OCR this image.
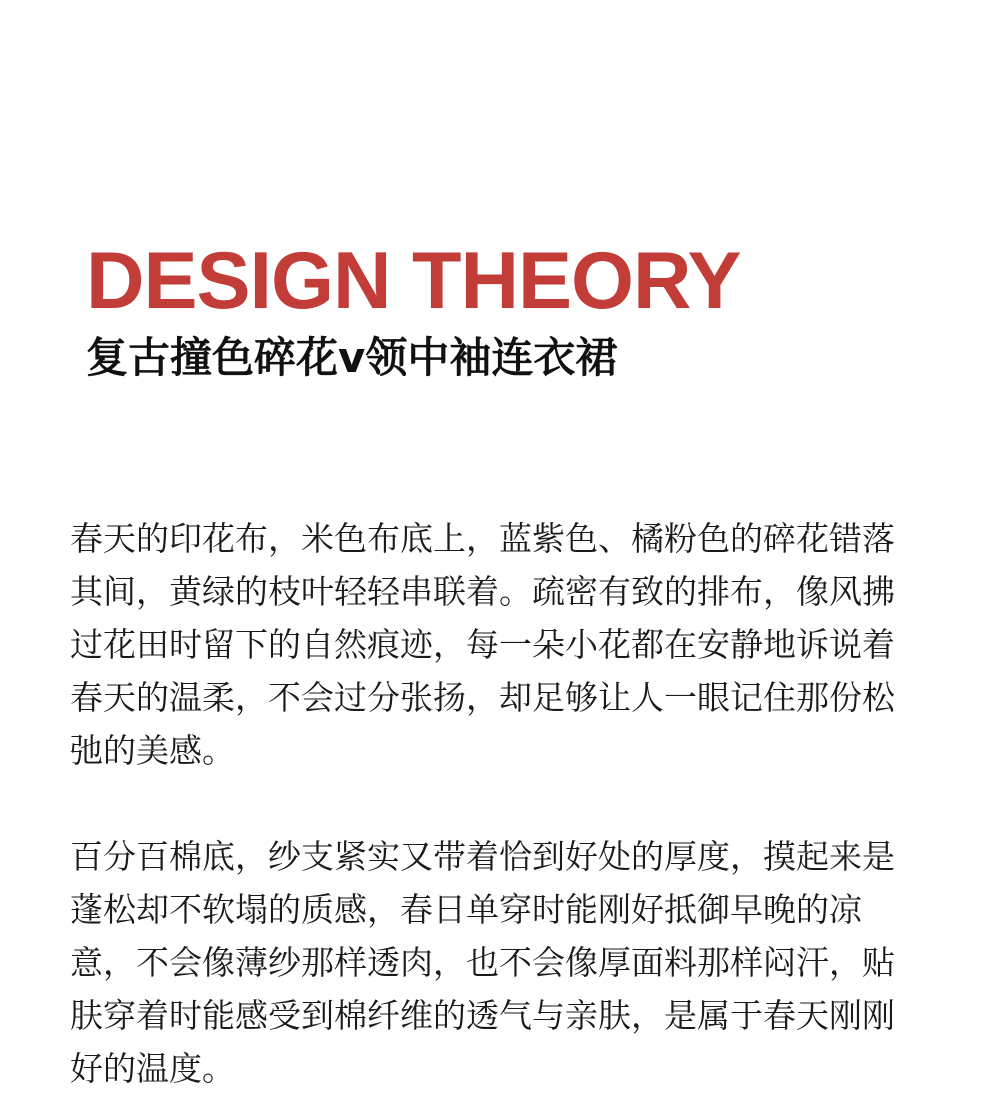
DESIGN THEORY
复古撞色碎花v领中袖连衣裙

春天的印花布，米色布底上，蓝紫色、橘粉色的碎花错落
其间，黄绿的枝叶轻轻串联着。疏密有致的排布，像风拂
过花田时留下的自然痕迹，每一朵小花都在安静地诉说着
春天的温柔，不会过分张扬，却足够让人一眼记住那份松
弛的美感。

百分百棉底，纱支紧实又带着恰到好处的厚度，摸起来是
蓬松却不软塌的质感，春日单穿时能刚好抵御早晚的凉
意，不会像薄纱那样透肉，也不会像厚面料那样闷汗，贴
肤穿着时能感受到棉纤维的透气与亲肤，是属于春天刚刚
好的温度。
